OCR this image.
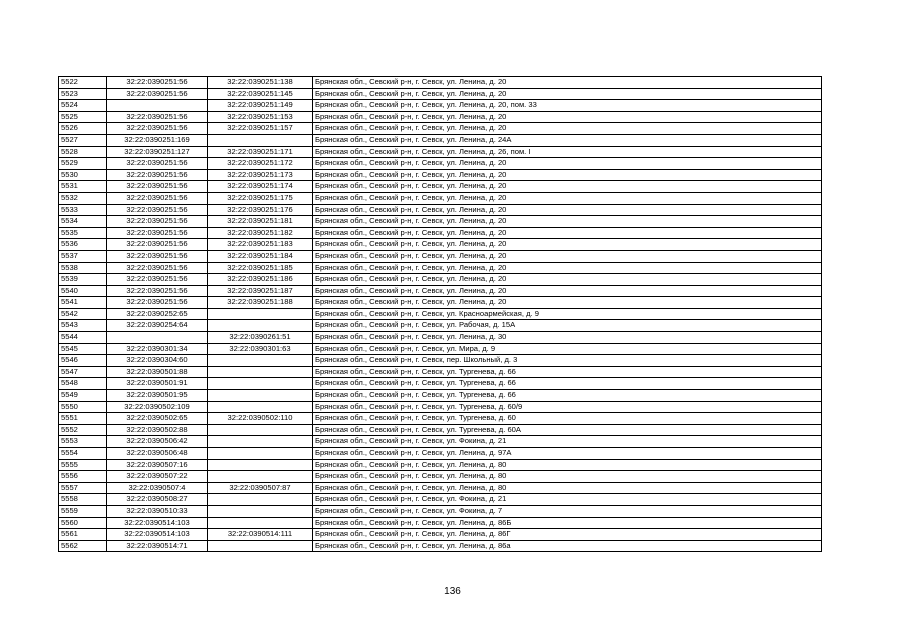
5522	32:22:0390251:56	32:22:0390251:138	Брянская обл., Севский р-н, г. Севск, ул. Ленина, д. 20
5523	32:22:0390251:56	32:22:0390251:145	Брянская обл., Севский р-н, г. Севск, ул. Ленина, д. 20
5524		32:22:0390251:149	Брянская обл., Севский р-н, г. Севск, ул. Ленина, д. 20, пом. 33
5525	32:22:0390251:56	32:22:0390251:153	Брянская обл., Севский р-н, г. Севск, ул. Ленина, д. 20
5526	32:22:0390251:56	32:22:0390251:157	Брянская обл., Севский р-н, г. Севск, ул. Ленина, д. 20
5527	32:22:0390251:169		Брянская обл., Севский р-н, г. Севск, ул. Ленина, д. 24А
5528	32:22:0390251:127	32:22:0390251:171	Брянская обл., Севский р-н, г. Севск, ул. Ленина, д. 26, пом. I
5529	32:22:0390251:56	32:22:0390251:172	Брянская обл., Севский р-н, г. Севск, ул. Ленина, д. 20
5530	32:22:0390251:56	32:22:0390251:173	Брянская обл., Севский р-н, г. Севск, ул. Ленина, д. 20
5531	32:22:0390251:56	32:22:0390251:174	Брянская обл., Севский р-н, г. Севск, ул. Ленина, д. 20
5532	32:22:0390251:56	32:22:0390251:175	Брянская обл., Севский р-н, г. Севск, ул. Ленина, д. 20
5533	32:22:0390251:56	32:22:0390251:176	Брянская обл., Севский р-н, г. Севск, ул. Ленина, д. 20
5534	32:22:0390251:56	32:22:0390251:181	Брянская обл., Севский р-н, г. Севск, ул. Ленина, д. 20
5535	32:22:0390251:56	32:22:0390251:182	Брянская обл., Севский р-н, г. Севск, ул. Ленина, д. 20
5536	32:22:0390251:56	32:22:0390251:183	Брянская обл., Севский р-н, г. Севск, ул. Ленина, д. 20
5537	32:22:0390251:56	32:22:0390251:184	Брянская обл., Севский р-н, г. Севск, ул. Ленина, д. 20
5538	32:22:0390251:56	32:22:0390251:185	Брянская обл., Севский р-н, г. Севск, ул. Ленина, д. 20
5539	32:22:0390251:56	32:22:0390251:186	Брянская обл., Севский р-н, г. Севск, ул. Ленина, д. 20
5540	32:22:0390251:56	32:22:0390251:187	Брянская обл., Севский р-н, г. Севск, ул. Ленина, д. 20
5541	32:22:0390251:56	32:22:0390251:188	Брянская обл., Севский р-н, г. Севск, ул. Ленина, д. 20
5542	32:22:0390252:65		Брянская обл., Севский р-н, г. Севск, ул. Красноармейская, д. 9
5543	32:22:0390254:64		Брянская обл., Севский р-н, г. Севск, ул. Рабочая, д. 15А
5544		32:22:0390261:51	Брянская обл., Севский р-н, г. Севск, ул. Ленина, д. 30
5545	32:22:0390301:34	32:22:0390301:63	Брянская обл., Севский р-н, г. Севск, ул. Мира, д. 9
5546	32:22:0390304:60		Брянская обл., Севский р-н, г. Севск, пер. Школьный, д. 3
5547	32:22:0390501:88		Брянская обл., Севский р-н, г. Севск, ул. Тургенева, д. 66
5548	32:22:0390501:91		Брянская обл., Севский р-н, г. Севск, ул. Тургенева, д. 66
5549	32:22:0390501:95		Брянская обл., Севский р-н, г. Севск, ул. Тургенева, д. 66
5550	32:22:0390502:109		Брянская обл., Севский р-н, г. Севск, ул. Тургенева, д. 60/9
5551	32:22:0390502:65	32:22:0390502:110	Брянская обл., Севский р-н, г. Севск, ул. Тургенева, д. 60
5552	32:22:0390502:88		Брянская обл., Севский р-н, г. Севск, ул. Тургенева, д. 60А
5553	32:22:0390506:42		Брянская обл., Севский р-н, г. Севск, ул. Фокина, д. 21
5554	32:22:0390506:48		Брянская обл., Севский р-н, г. Севск, ул. Ленина, д. 97А
5555	32:22:0390507:16		Брянская обл., Севский р-н, г. Севск, ул. Ленина, д. 80
5556	32:22:0390507:22		Брянская обл., Севский р-н, г. Севск, ул. Ленина, д. 80
5557	32:22:0390507:4	32:22:0390507:87	Брянская обл., Севский р-н, г. Севск, ул. Ленина, д. 80
5558	32:22:0390508:27		Брянская обл., Севский р-н, г. Севск, ул. Фокина, д. 21
5559	32:22:0390510:33		Брянская обл., Севский р-н, г. Севск, ул. Фокина, д. 7
5560	32:22:0390514:103		Брянская обл., Севский р-н, г. Севск, ул. Ленина, д. 86Б
5561	32:22:0390514:103	32:22:0390514:111	Брянская обл., Севский р-н, г. Севск, ул. Ленина, д. 86Г
5562	32:22:0390514:71		Брянская обл., Севский р-н, г. Севск, ул. Ленина, д. 86а
136
